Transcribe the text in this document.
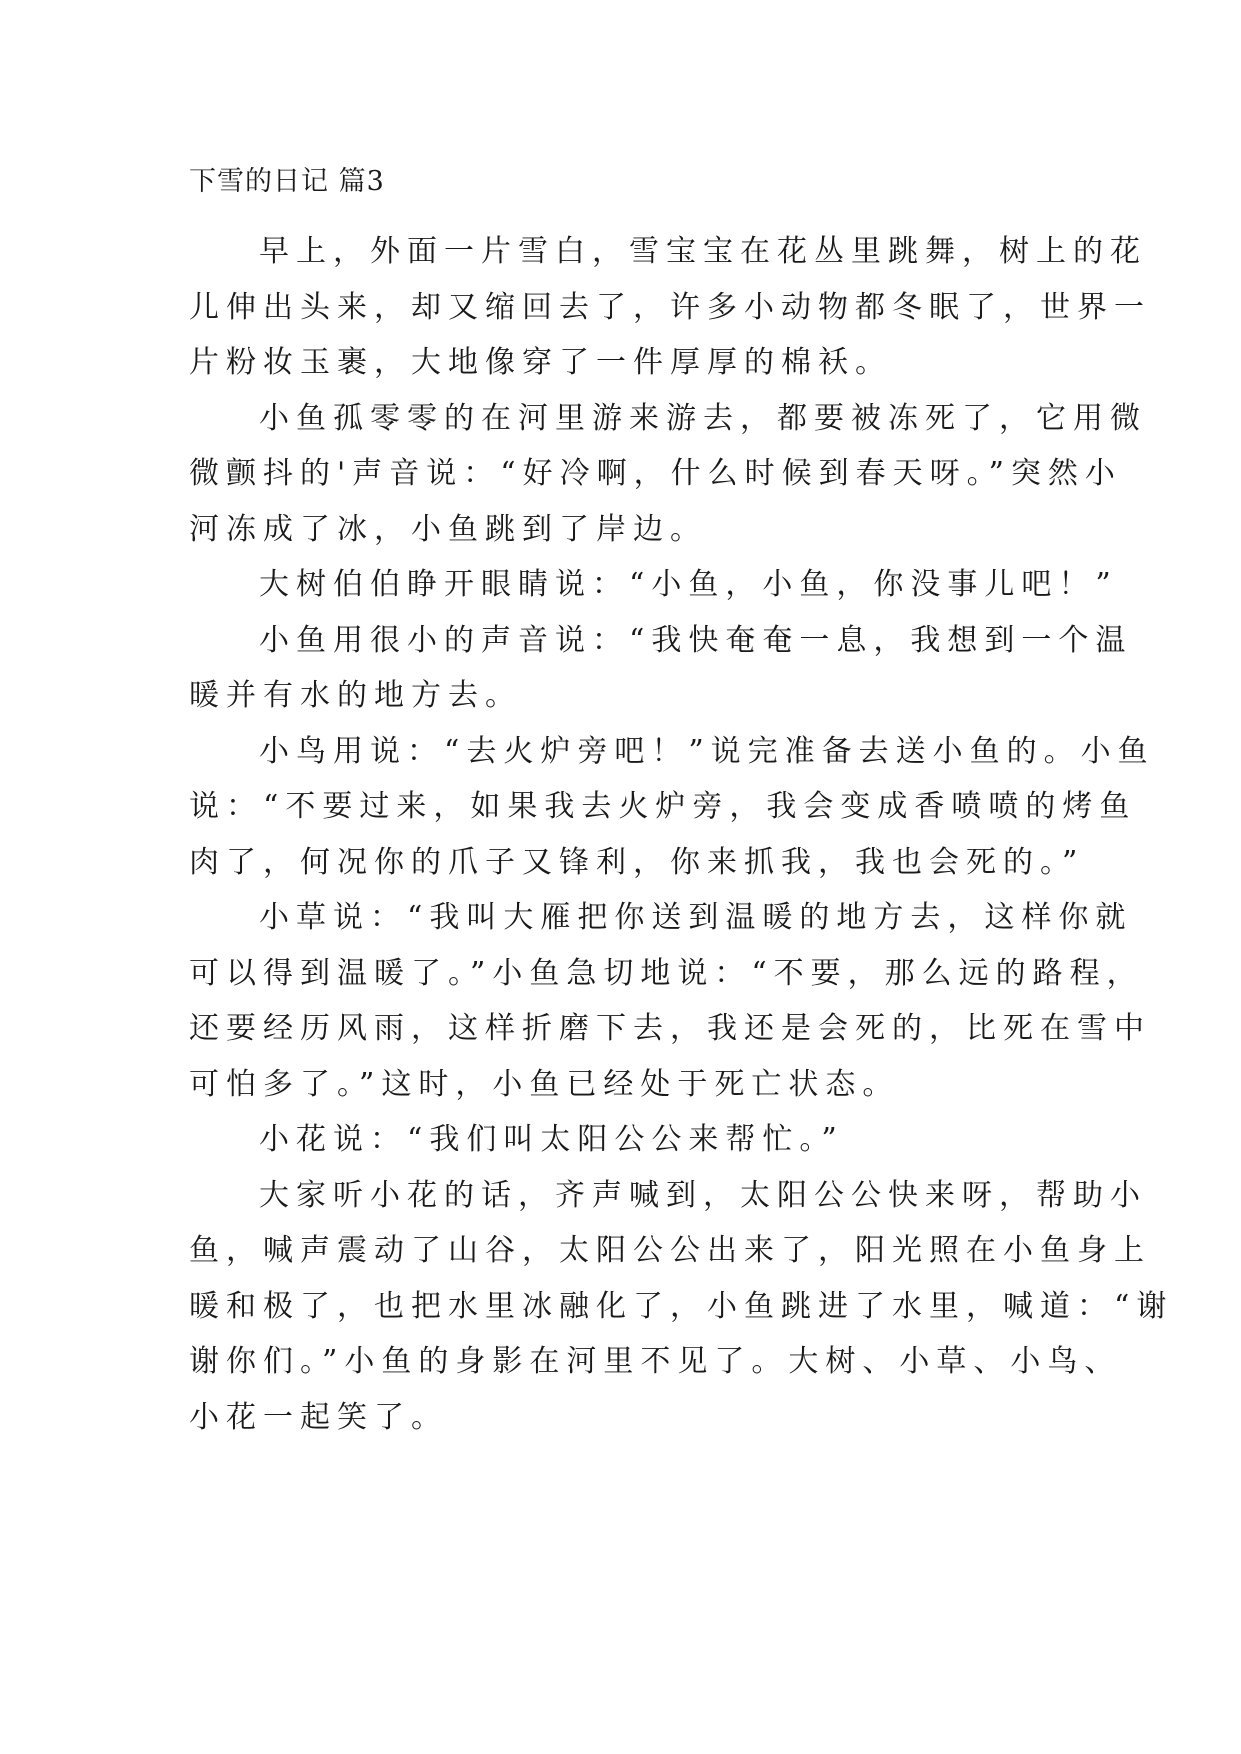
下雪的日记 篇3

早上，外面一片雪白，雪宝宝在花丛里跳舞，树上的花
儿伸出头来，却又缩回去了，许多小动物都冬眠了，世界一
片粉妆玉裹，大地像穿了一件厚厚的棉袄。

小鱼孤零零的在河里游来游去，都要被冻死了，它用微
微颤抖的'声音说：“好冷啊，什么时候到春天呀。”突然小
河冻成了冰，小鱼跳到了岸边。

大树伯伯睁开眼睛说：“小鱼，小鱼，你没事儿吧！”

小鱼用很小的声音说：“我快奄奄一息，我想到一个温
暖并有水的地方去。

小鸟用说：“去火炉旁吧！”说完准备去送小鱼的。小鱼
说：“不要过来，如果我去火炉旁，我会变成香喷喷的烤鱼
肉了，何况你的爪子又锋利，你来抓我，我也会死的。”

小草说：“我叫大雁把你送到温暖的地方去，这样你就
可以得到温暖了。”小鱼急切地说：“不要，那么远的路程，
还要经历风雨，这样折磨下去，我还是会死的，比死在雪中
可怕多了。”这时，小鱼已经处于死亡状态。

小花说：“我们叫太阳公公来帮忙。”

大家听小花的话，齐声喊到，太阳公公快来呀，帮助小
鱼，喊声震动了山谷，太阳公公出来了，阳光照在小鱼身上
暖和极了，也把水里冰融化了，小鱼跳进了水里，喊道：“谢
谢你们。”小鱼的身影在河里不见了。大树、小草、小鸟、
小花一起笑了。
